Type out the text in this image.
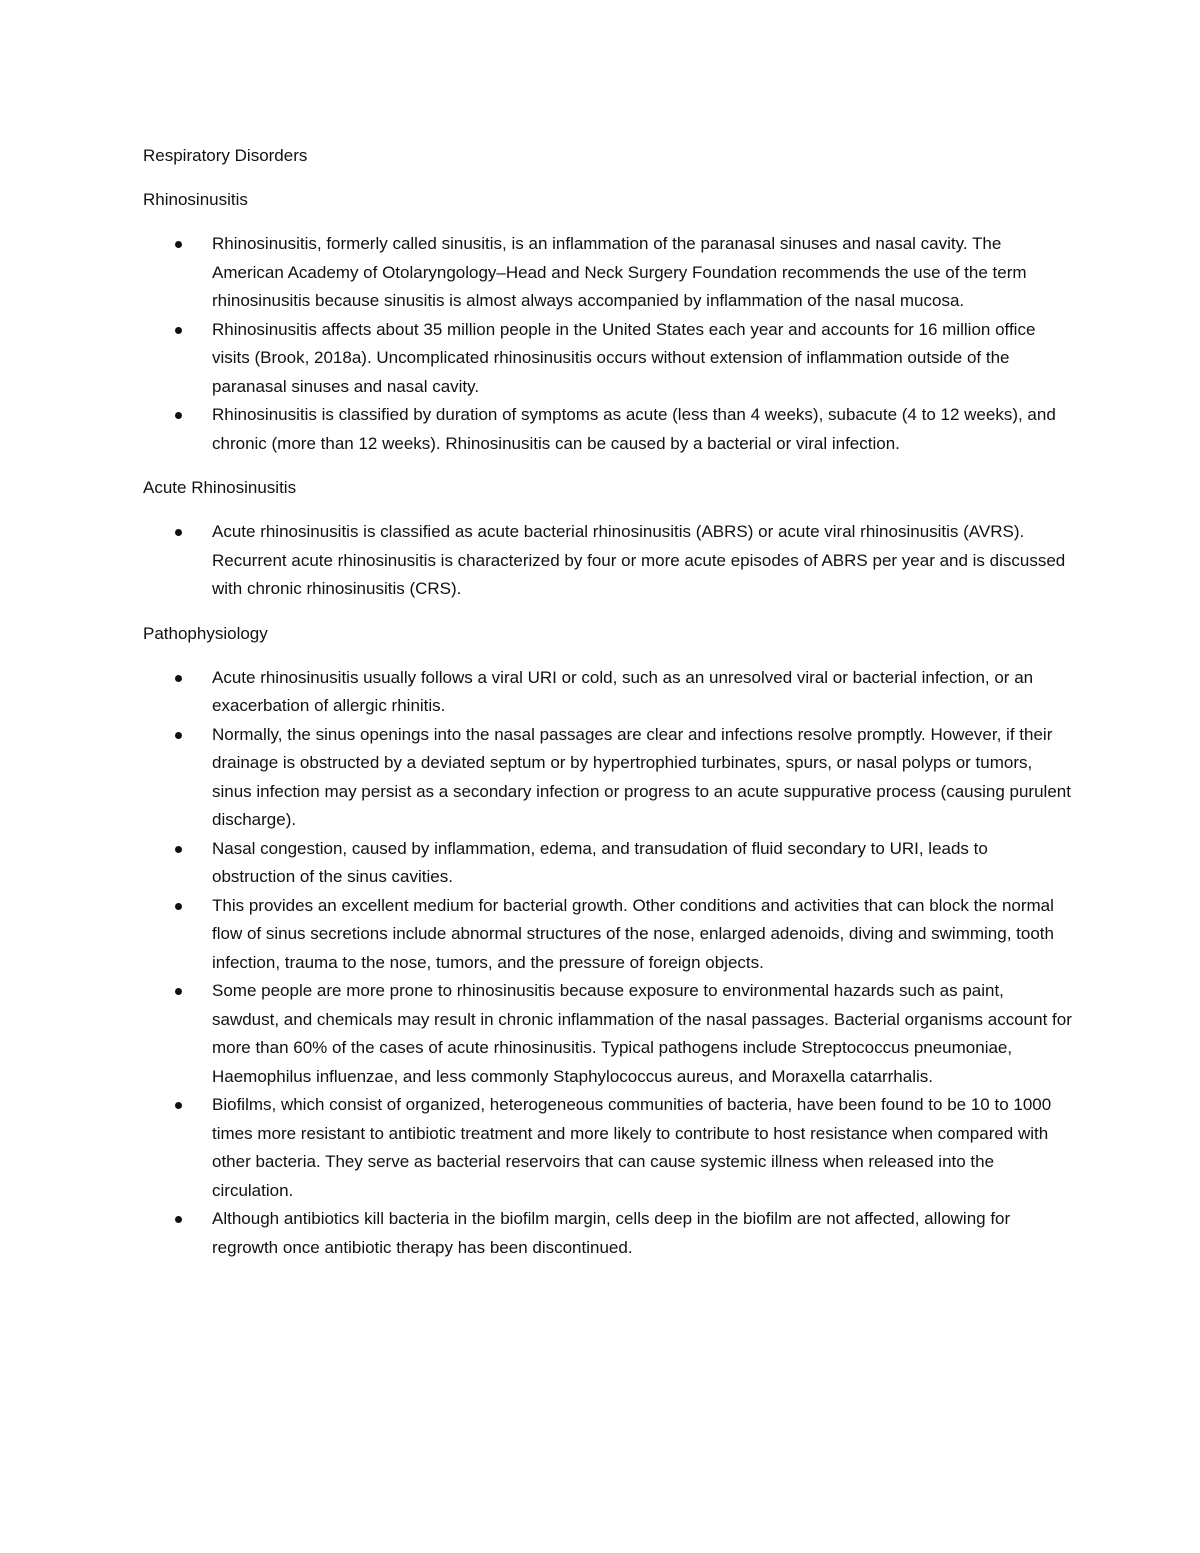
Respiratory Disorders
Rhinosinusitis
Rhinosinusitis, formerly called sinusitis, is an inflammation of the paranasal sinuses and nasal cavity. The American Academy of Otolaryngology–Head and Neck Surgery Foundation recommends the use of the term rhinosinusitis because sinusitis is almost always accompanied by inflammation of the nasal mucosa.
Rhinosinusitis affects about 35 million people in the United States each year and accounts for 16 million office visits (Brook, 2018a). Uncomplicated rhinosinusitis occurs without extension of inflammation outside of the paranasal sinuses and nasal cavity.
Rhinosinusitis is classified by duration of symptoms as acute (less than 4 weeks), subacute (4 to 12 weeks), and chronic (more than 12 weeks). Rhinosinusitis can be caused by a bacterial or viral infection.
Acute Rhinosinusitis
Acute rhinosinusitis is classified as acute bacterial rhinosinusitis (ABRS) or acute viral rhinosinusitis (AVRS). Recurrent acute rhinosinusitis is characterized by four or more acute episodes of ABRS per year and is discussed with chronic rhinosinusitis (CRS).
Pathophysiology
Acute rhinosinusitis usually follows a viral URI or cold, such as an unresolved viral or bacterial infection, or an exacerbation of allergic rhinitis.
Normally, the sinus openings into the nasal passages are clear and infections resolve promptly. However, if their drainage is obstructed by a deviated septum or by hypertrophied turbinates, spurs, or nasal polyps or tumors, sinus infection may persist as a secondary infection or progress to an acute suppurative process (causing purulent discharge).
Nasal congestion, caused by inflammation, edema, and transudation of fluid secondary to URI, leads to obstruction of the sinus cavities.
This provides an excellent medium for bacterial growth. Other conditions and activities that can block the normal flow of sinus secretions include abnormal structures of the nose, enlarged adenoids, diving and swimming, tooth infection, trauma to the nose, tumors, and the pressure of foreign objects.
Some people are more prone to rhinosinusitis because exposure to environmental hazards such as paint, sawdust, and chemicals may result in chronic inflammation of the nasal passages. Bacterial organisms account for more than 60% of the cases of acute rhinosinusitis. Typical pathogens include Streptococcus pneumoniae, Haemophilus influenzae, and less commonly Staphylococcus aureus, and Moraxella catarrhalis.
Biofilms, which consist of organized, heterogeneous communities of bacteria, have been found to be 10 to 1000 times more resistant to antibiotic treatment and more likely to contribute to host resistance when compared with other bacteria. They serve as bacterial reservoirs that can cause systemic illness when released into the circulation.
Although antibiotics kill bacteria in the biofilm margin, cells deep in the biofilm are not affected, allowing for regrowth once antibiotic therapy has been discontinued.
